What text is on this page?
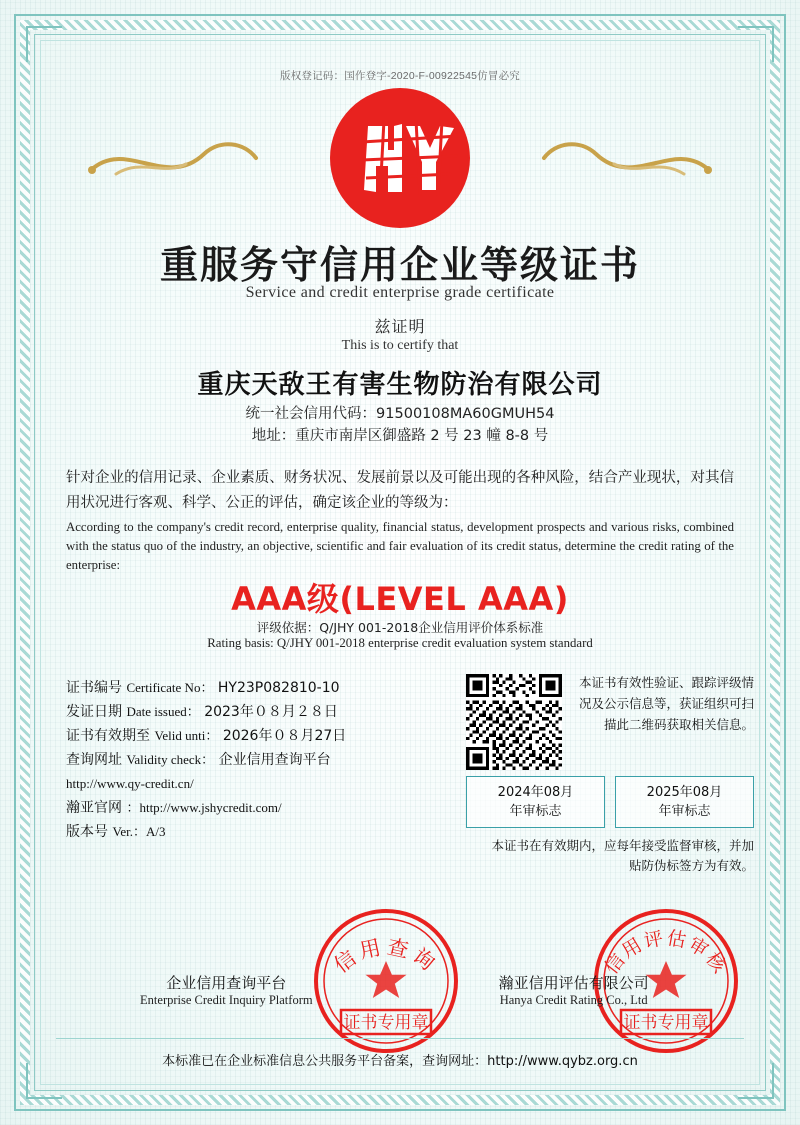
版权登记码：国作登字-2020-F-00922545仿冒必究
重服务守信用企业等级证书
Service and credit enterprise grade certificate
兹证明
This is to certify that
重庆天敌王有害生物防治有限公司
统一社会信用代码：91500108MA60GMUH54
地址：重庆市南岸区御盛路 2 号 23 幢 8-8 号
针对企业的信用记录、企业素质、财务状况、发展前景以及可能出现的各种风险，结合产业现状，对其信用状况进行客观、科学、公正的评估，确定该企业的等级为：
According to the company's credit record, enterprise quality, financial status, development prospects and various risks, combined with the status quo of the industry, an objective, scientific and fair evaluation of its credit status, determine the credit rating of the enterprise:
AAA级(LEVEL AAA)
评级依据：Q/JHY 001-2018企业信用评价体系标准
Rating basis: Q/JHY 001-2018 enterprise credit evaluation system standard
证书编号 Certificate No： HY23P082810-10
发证日期 Date issued： 2023年０８月２８日
证书有效期至 Velid unti： 2026年０８月27日
查询网址 Validity check： 企业信用查询平台
http://www.qy-credit.cn/
瀚亚官网 ：http://www.jshycredit.com/
版本号 Ver.：A/3
本证书有效性验证、跟踪评级情况及公示信息等，获证组织可扫描此二维码获取相关信息。
2024年08月
年审标志
2025年08月
年审标志
本证书在有效期内，应每年接受监督审核，并加贴防伪标签方为有效。
信用查询
证书专用章
信用评估审核
证书专用章
企业信用查询平台
Enterprise Credit Inquiry Platform
瀚亚信用评估有限公司
Hanya Credit Rating Co., Ltd
本标准已在企业标准信息公共服务平台备案，查询网址：http://www.qybz.org.cn
